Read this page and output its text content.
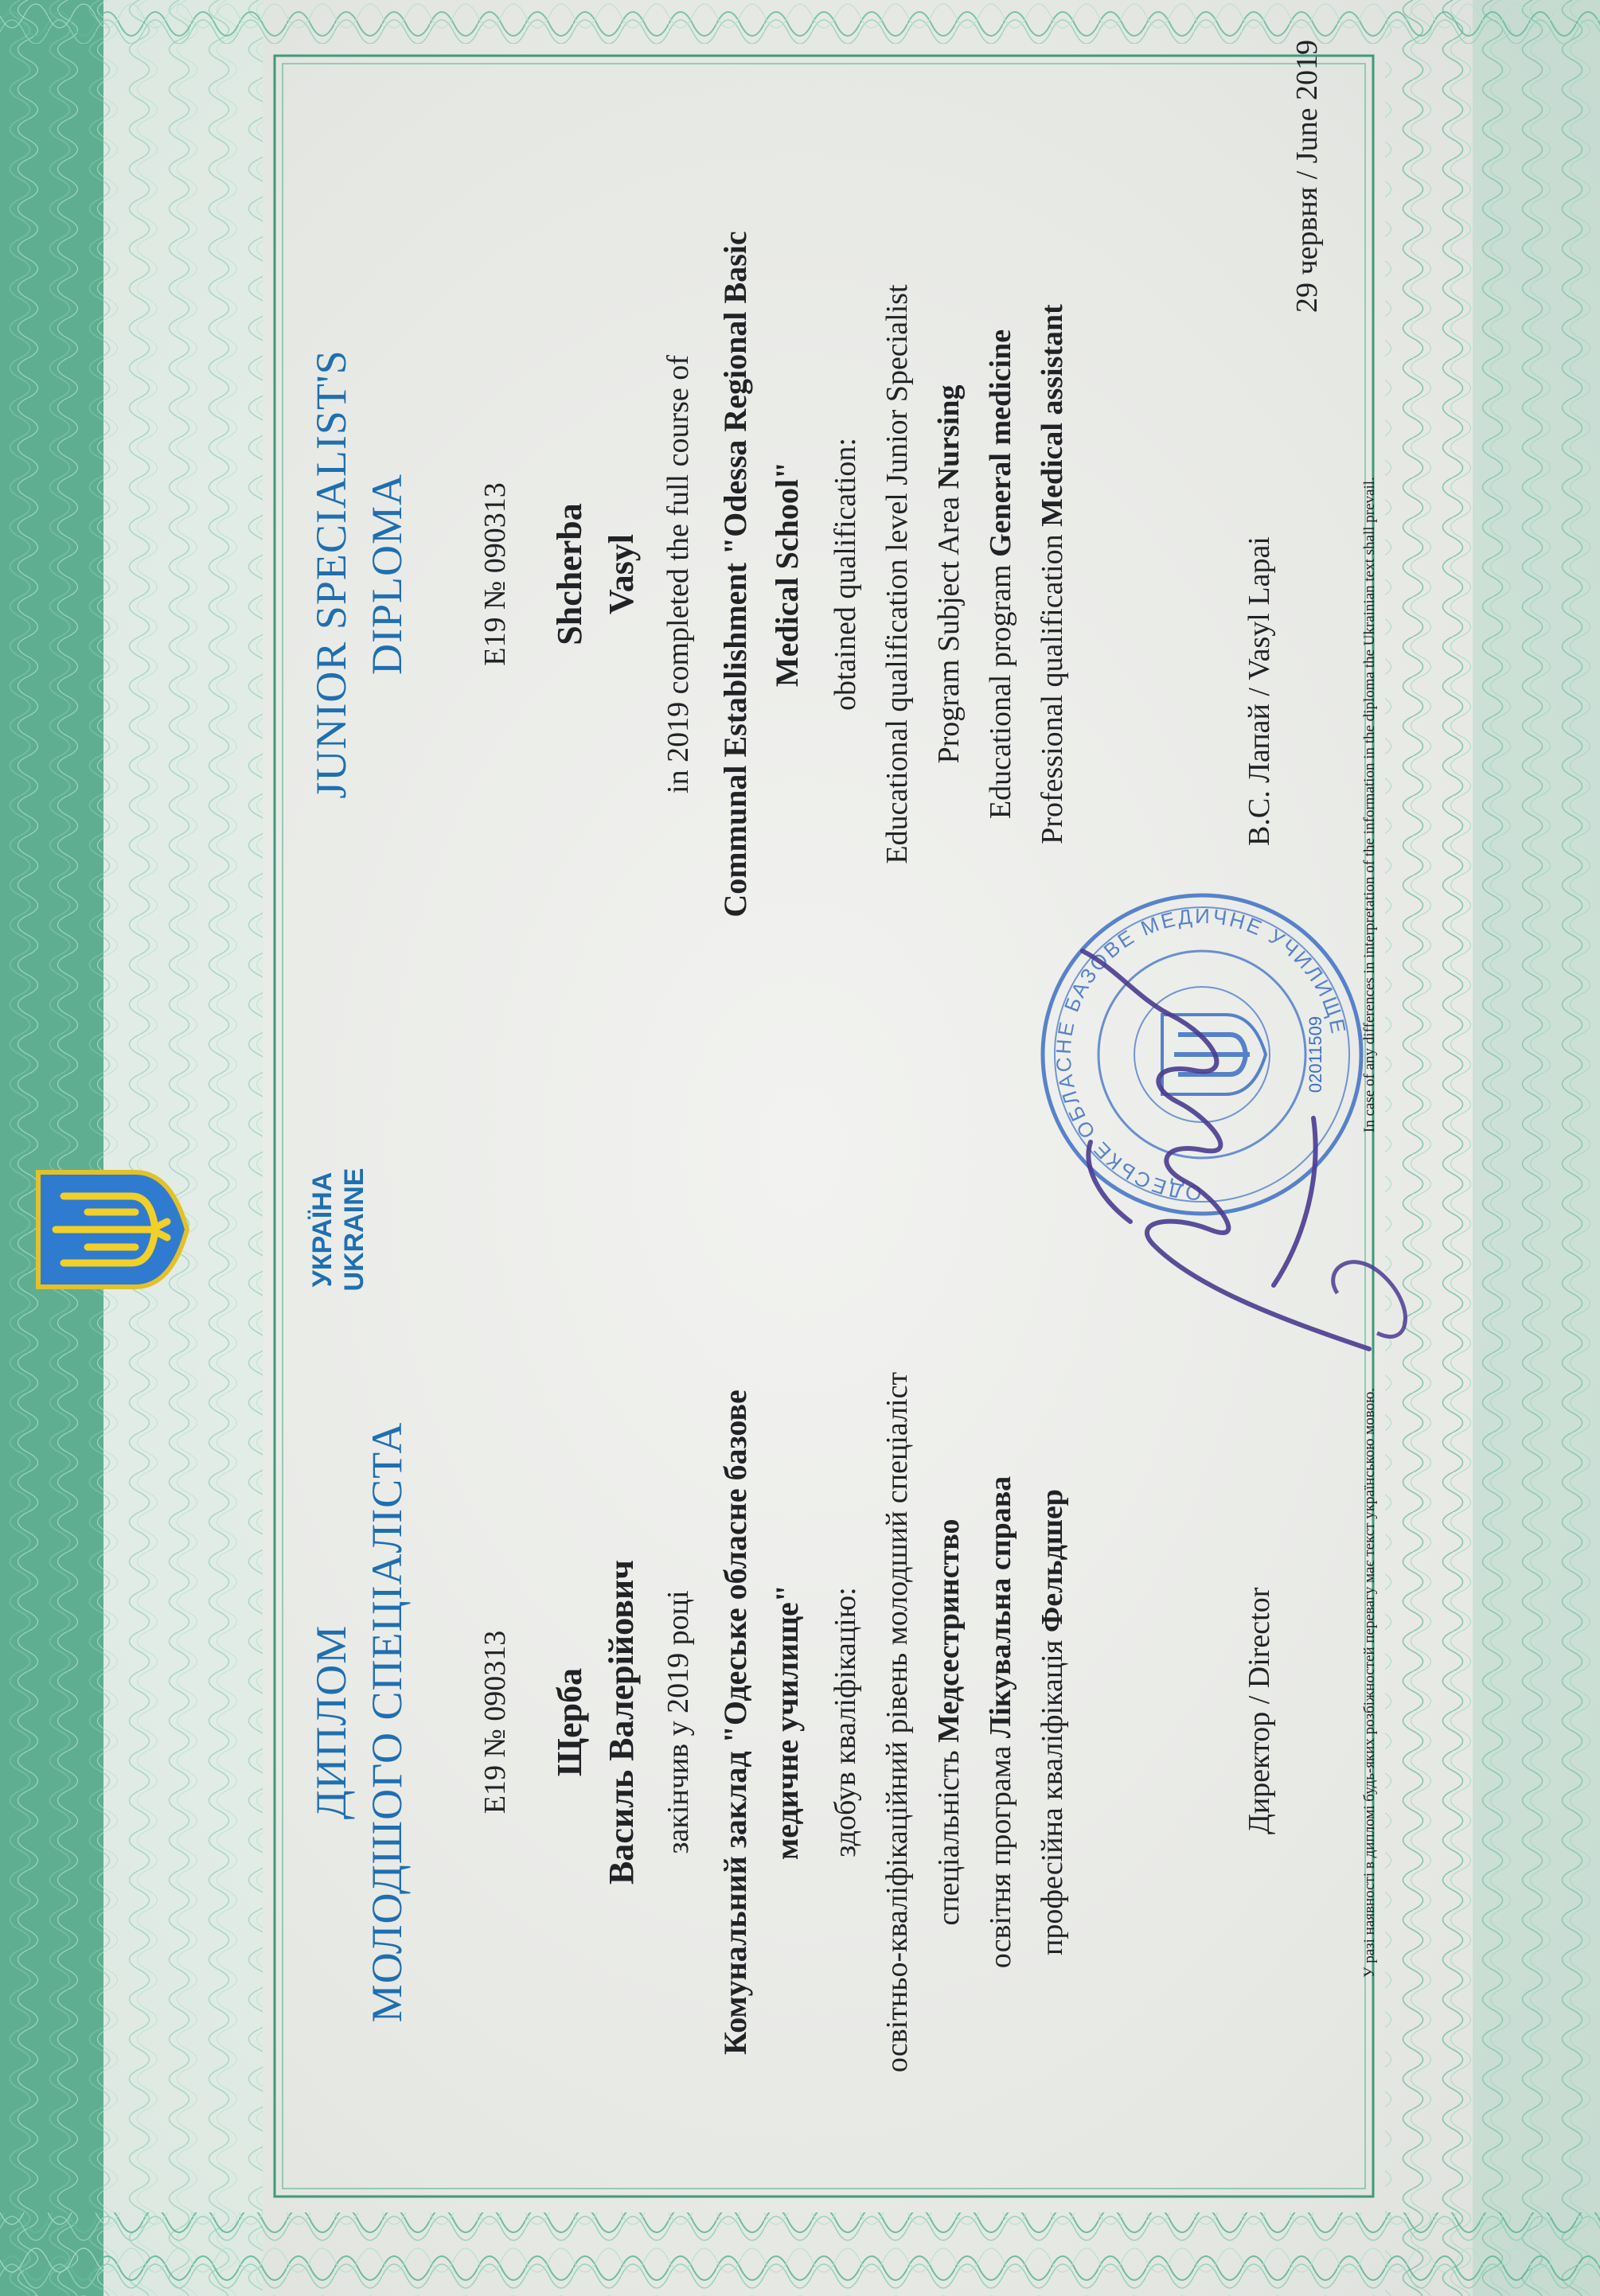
ДИПЛОМ МОЛОДШОГО СПЕЦІАЛІСТА E19 № 090313 Щерба Василь Валерійович закінчив у 2019 році Комунальний заклад "Одеське обласне базове медичне училище" здобув кваліфікацію: освітньо-кваліфікаційний рівень молодший спеціаліст спеціальність Медсестринство
освітня програма Лікувальна справа
професійна кваліфікація Фельдшер
Директор / Director	У разі наявності в дипломі будь-яких розбіжностей перевагу має текст українською мовою.
УКРАЇНА UKRAINE	ОДЕСЬКЕ ОБЛАСНЕ БАЗОВЕ МЕДИЧНЕ УЧИЛИЩЕ
02011509
JUNIOR SPECIALIST'S DIPLOMA E19 № 090313 Shcherba Vasyl in 2019 completed the full course of Communal Establishment "Odessa Regional Basic Medical School" obtained qualification: Educational qualification level Junior Specialist Program Subject Area Nursing
Educational program General medicine
Professional qualification Medical assistant
В.С. Лапай / Vasyl Lapai
29 червня / June 2019
In case of any differences in interpretation of the information in the diploma the Ukrainian text shall prevail.
